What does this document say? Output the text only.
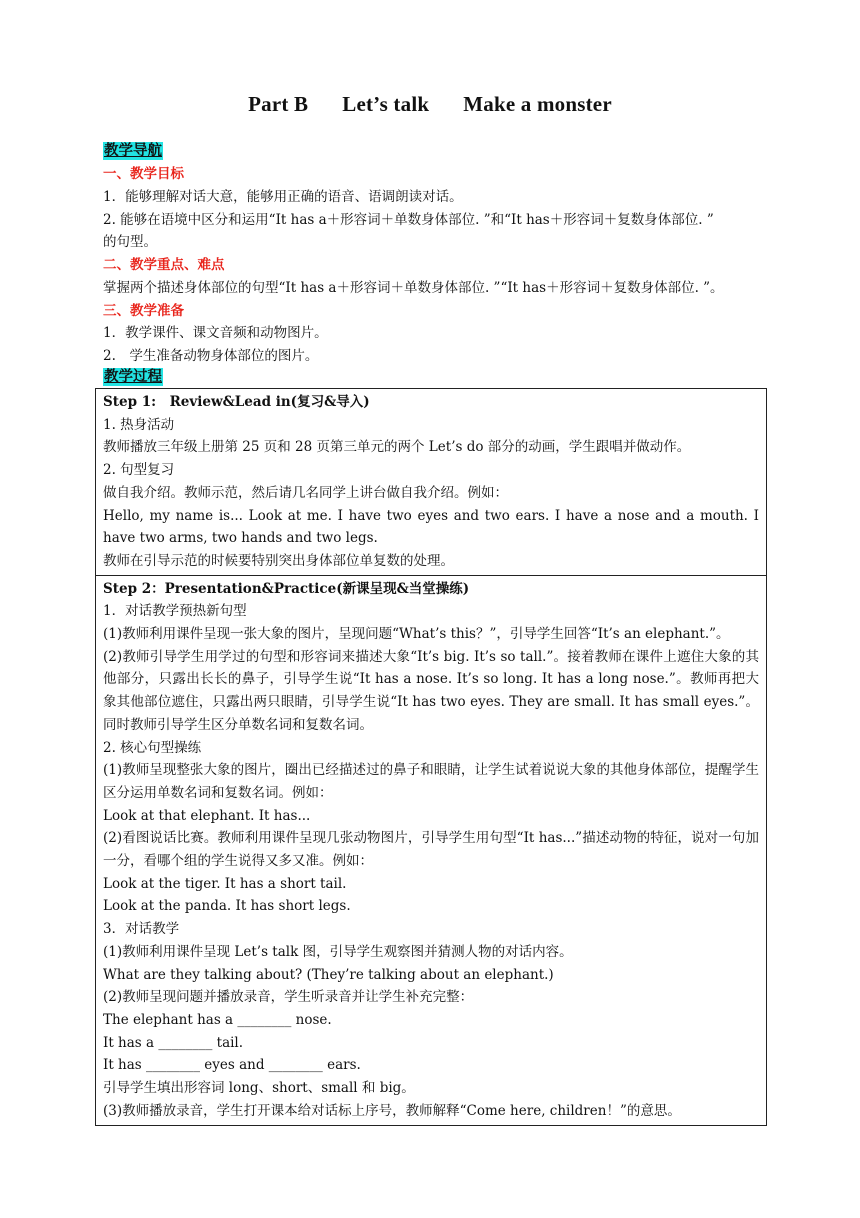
Part B Let’s talk Make a monster
教学导航
一、教学目标
1．能够理解对话大意，能够用正确的语音、语调朗读对话。
2. 能够在语境中区分和运用“It has a＋形容词＋单数身体部位. ”和“It has＋形容词＋复数身体部位. ”
的句型。
二、教学重点、难点
掌握两个描述身体部位的句型“It has a＋形容词＋单数身体部位. ”“It has＋形容词＋复数身体部位. ”。
三、教学准备
1．教学课件、课文音频和动物图片。
2.　学生准备动物身体部位的图片。
教学过程
Step 1:　Review&Lead in(复习&导入)
1. 热身活动
教师播放三年级上册第 25 页和 28 页第三单元的两个 Let’s do 部分的动画，学生跟唱并做动作。
2. 句型复习
做自我介绍。教师示范，然后请几名同学上讲台做自我介绍。例如：
Hello, my name is... Look at me. I have two eyes and two ears. I have a nose and a mouth. I have two arms, two hands and two legs.
教师在引导示范的时候要特别突出身体部位单复数的处理。
Step 2：Presentation&Practice(新课呈现&当堂操练)
1．对话教学预热新句型
(1)教师利用课件呈现一张大象的图片，呈现问题“What’s this？”，引导学生回答“It’s an elephant.”。
(2)教师引导学生用学过的句型和形容词来描述大象“It’s big. It’s so tall.”。接着教师在课件上遮住大象的其他部分，只露出长长的鼻子，引导学生说“It has a nose. It’s so long. It has a long nose.”。教师再把大象其他部位遮住，只露出两只眼睛，引导学生说“It has two eyes. They are small. It has small eyes.”。同时教师引导学生区分单数名词和复数名词。
2. 核心句型操练
(1)教师呈现整张大象的图片，圈出已经描述过的鼻子和眼睛，让学生试着说说大象的其他身体部位，提醒学生区分运用单数名词和复数名词。例如：
Look at that elephant. It has...
(2)看图说话比赛。教师利用课件呈现几张动物图片，引导学生用句型“It has...”描述动物的特征，说对一句加一分，看哪个组的学生说得又多又准。例如：
Look at the tiger. It has a short tail.
Look at the panda. It has short legs.
3．对话教学
(1)教师利用课件呈现 Let’s talk 图，引导学生观察图并猜测人物的对话内容。
What are they talking about? (They’re talking about an elephant.)
(2)教师呈现问题并播放录音，学生听录音并让学生补充完整：
The elephant has a ________ nose.
It has a ________ tail.
It has ________ eyes and ________ ears.
引导学生填出形容词 long、short、small 和 big。
(3)教师播放录音，学生打开课本给对话标上序号，教师解释“Come here, children！”的意思。
